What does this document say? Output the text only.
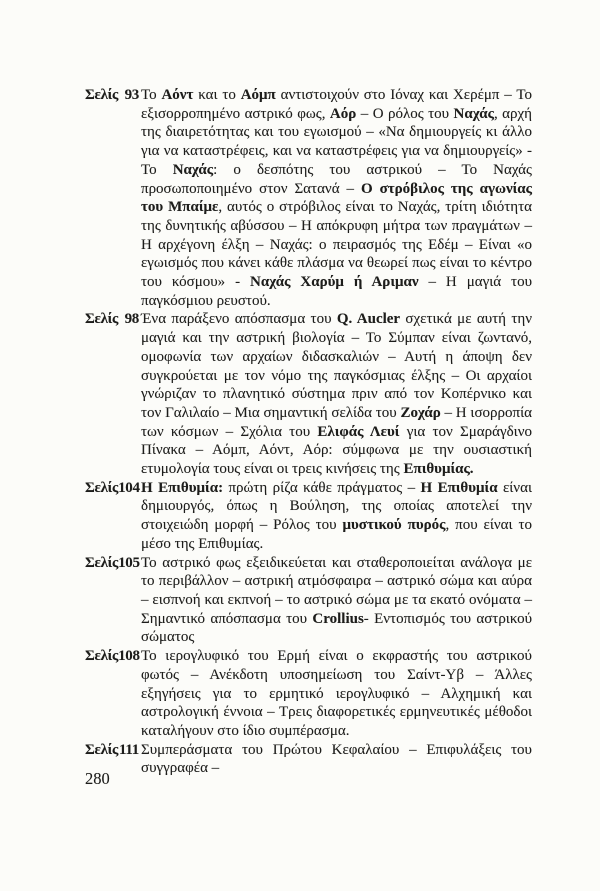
Σελίς 93 Το Αόντ και το Αόμπ αντιστοιχούν στο Ιόναχ και Χερέμπ – Το εξισορροπημένο αστρικό φως, Αόρ – Ο ρόλος του Ναχάς, αρχή της διαιρετότητας και του εγωισμού – «Να δημιουργείς κι άλλο για να καταστρέφεις, και να καταστρέφεις για να δημιουργείς» - Το Ναχάς: ο δεσπότης του αστρικού – Το Ναχάς προσωποποιημένο στον Σατανά – Ο στρόβιλος της αγωνίας του Μπαίμε, αυτός ο στρόβιλος είναι το Ναχάς, τρίτη ιδιότητα της δυνητικής αβύσσου – Η απόκρυφη μήτρα των πραγμάτων – Η αρχέγονη έλξη – Ναχάς: ο πειρασμός της Εδέμ – Είναι «ο εγωισμός που κάνει κάθε πλάσμα να θεωρεί πως είναι το κέντρο του κόσμου» - Ναχάς Χαρύμ ή Αριμαν – Η μαγιά του παγκόσμιου ρευστού.

Σελίς 98 Ένα παράξενο απόσπασμα του Q. Aucler σχετικά με αυτή την μαγιά και την αστρική βιολογία – Το Σύμπαν είναι ζωντανό, ομοφωνία των αρχαίων διδασκαλιών – Αυτή η άποψη δεν συγκρούεται με τον νόμο της παγκόσμιας έλξης – Οι αρχαίοι γνώριζαν το πλανητικό σύστημα πριν από τον Κοπέρνικο και τον Γαλιλαίο – Μια σημαντική σελίδα του Ζοχάρ – Η ισορροπία των κόσμων – Σχόλια του Ελιφάς Λευί για τον Σμαράγδινο Πίνακα – Αόμπ, Αόντ, Αόρ: σύμφωνα με την ουσιαστική ετυμολογία τους είναι οι τρεις κινήσεις της Επιθυμίας.

Σελίς 104 Η Επιθυμία: πρώτη ρίζα κάθε πράγματος – Η Επιθυμία είναι δημιουργός, όπως η Βούληση, της οποίας αποτελεί την στοιχειώδη μορφή – Ρόλος του μυστικού πυρός, που είναι το μέσο της Επιθυμίας.

Σελίς 105 Το αστρικό φως εξειδικεύεται και σταθεροποιείται ανάλογα με το περιβάλλον – αστρική ατμόσφαιρα – αστρικό σώμα και αύρα – εισπνοή και εκπνοή – το αστρικό σώμα με τα εκατό ονόματα – Σημαντικό απόσπασμα του Crollius- Εντοπισμός του αστρικού σώματος

Σελίς 108 Το ιερογλυφικό του Ερμή είναι ο εκφραστής του αστρικού φωτός – Ανέκδοτη υποσημείωση του Σαίντ-Υβ – Άλλες εξηγήσεις για το ερμητικό ιερογλυφικό – Αλχημική και αστρολογική έννοια – Τρεις διαφορετικές ερμηνευτικές μέθοδοι καταλήγουν στο ίδιο συμπέρασμα.

Σελίς 111 Συμπεράσματα του Πρώτου Κεφαλαίου – Επιφυλάξεις του συγγραφέα –

280
